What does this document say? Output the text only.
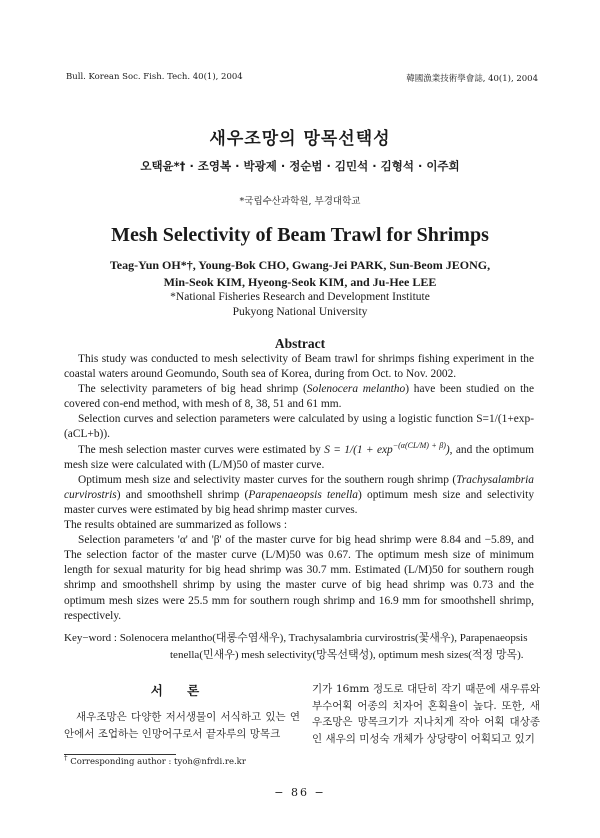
Bull. Korean Soc. Fish. Tech. 40(1), 2004	韓國漁業技術學會誌, 40(1), 2004
새우조망의 망목선택성
오택윤*† · 조영복 · 박광제 · 정순범 · 김민석 · 김형석 · 이주희
*국립수산과학원, 부경대학교
Mesh Selectivity of Beam Trawl for Shrimps
Teag-Yun OH*†, Young-Bok CHO, Gwang-Jei PARK, Sun-Beom JEONG,
Min-Seok KIM, Hyeong-Seok KIM, and Ju-Hee LEE
*National Fisheries Research and Development Institute
Pukyong National University
Abstract

This study was conducted to mesh selectivity of Beam trawl for shrimps fishing experiment in the coastal waters around Geomundo, South sea of Korea, during from Oct. to Nov. 2002.

The selectivity parameters of big head shrimp (Solenocera melantho) have been studied on the covered con-end method, with mesh of 8, 38, 51 and 61 mm.

Selection curves and selection parameters were calculated by using a logistic function S=1/(1+exp-(aCL+b)).

The mesh selection master curves were estimated by $S = 1/(1 + \exp^{-(\alpha(CL/M) + \beta)})$, and the optimum mesh size were calculated with (L/M)50 of master curve.

Optimum mesh size and selectivity master curves for the southern rough shrimp (Trachysalambria curvirostris) and smoothshell shrimp (Parapenaeopsis tenella) optimum mesh size and selectivity master curves were estimated by big head shrimp master curves.

The results obtained are summarized as follows :

Selection parameters 'α' and 'β' of the master curve for big head shrimp were 8.84 and −5.89, and The selection factor of the master curve (L/M)50 was 0.67. The optimum mesh size of minimum length for sexual maturity for big head shrimp was 30.7 mm. Estimated (L/M)50 for southern rough shrimp and smoothshell shrimp by using the master curve of big head shrimp was 0.73 and the optimum mesh sizes were 25.5 mm for southern rough shrimp and 16.9 mm for smoothshell shrimp, respectively.

Key−word : Solenocera melantho(대롱수염새우), Trachysalambria curvirostris(꽃새우), Parapenaeopsis
tenella(민새우) mesh selectivity(망목선택성), optimum mesh sizes(적정 망목).
서 론
새우조망은 다양한 저서생물이 서식하고 있는 연안에서 조업하는 인망어구로서 끝자루의 망목크
기가 16mm 정도로 대단히 작기 때문에 새우류와 부수어획 어종의 치자어 혼획율이 높다. 또한, 새우조망은 망목크기가 지나치게 작아 어획 대상종인 새우의 미성숙 개체가 상당량이 어획되고 있기
† Corresponding author : tyoh@nfrdi.re.kr
− 86 −
